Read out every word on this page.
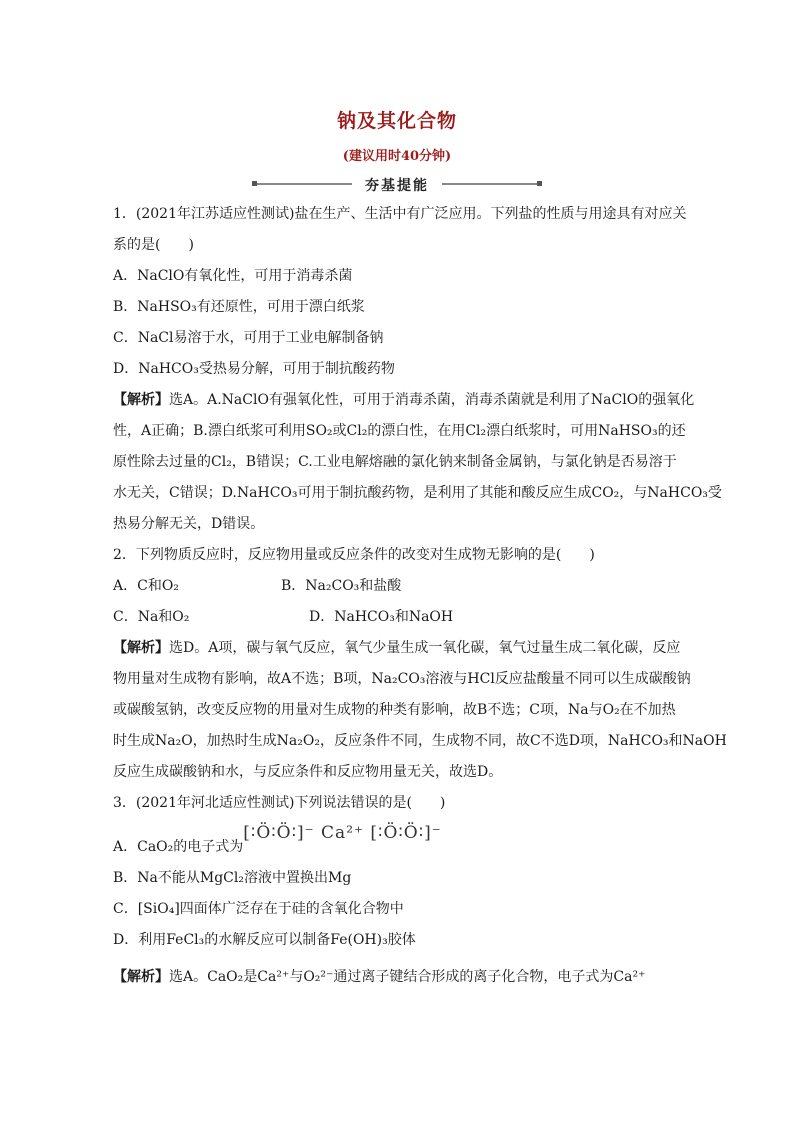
钠及其化合物
(建议用时40分钟)
夯基提能

1．(2021年江苏适应性测试)盐在生产、生活中有广泛应用。下列盐的性质与用途具有对应关

系的是(　　)

A．NaClO有氧化性，可用于消毒杀菌

B．NaHSO₃有还原性，可用于漂白纸浆

C．NaCl易溶于水，可用于工业电解制备钠

D．NaHCO₃受热易分解，可用于制抗酸药物

【解析】选A。A.NaClO有强氧化性，可用于消毒杀菌，消毒杀菌就是利用了NaClO的强氧化

性，A正确；B.漂白纸浆可利用SO₂或Cl₂的漂白性，在用Cl₂漂白纸浆时，可用NaHSO₃的还

原性除去过量的Cl₂，B错误；C.工业电解熔融的氯化钠来制备金属钠，与氯化钠是否易溶于

水无关，C错误；D.NaHCO₃可用于制抗酸药物，是利用了其能和酸反应生成CO₂，与NaHCO₃受

热易分解无关，D错误。

2．下列物质反应时，反应物用量或反应条件的改变对生成物无影响的是(　　)

A．C和O₂	B．Na₂CO₃和盐酸
C．Na和O₂	D．NaHCO₃和NaOH

【解析】选D。A项，碳与氧气反应，氧气少量生成一氧化碳，氧气过量生成二氧化碳，反应

物用量对生成物有影响，故A不选；B项，Na₂CO₃溶液与HCl反应盐酸量不同可以生成碳酸钠

或碳酸氢钠，改变反应物的用量对生成物的种类有影响，故B不选；C项，Na与O₂在不加热

时生成Na₂O，加热时生成Na₂O₂，反应条件不同，生成物不同，故C不选D项，NaHCO₃和NaOH

反应生成碳酸钠和水，与反应条件和反应物用量无关，故选D。

3．(2021年河北适应性测试)下列说法错误的是(　　)

A．CaO₂的电子式为
[∶Ö∶Ö∶]⁻ Ca²⁺ [∶Ö∶Ö∶]⁻

B．Na不能从MgCl₂溶液中置换出Mg

C．[SiO₄]四面体广泛存在于硅的含氧化合物中

D．利用FeCl₃的水解反应可以制备Fe(OH)₃胶体

【解析】选A。CaO₂是Ca²⁺与O₂²⁻通过离子键结合形成的离子化合物，电子式为Ca²⁺
